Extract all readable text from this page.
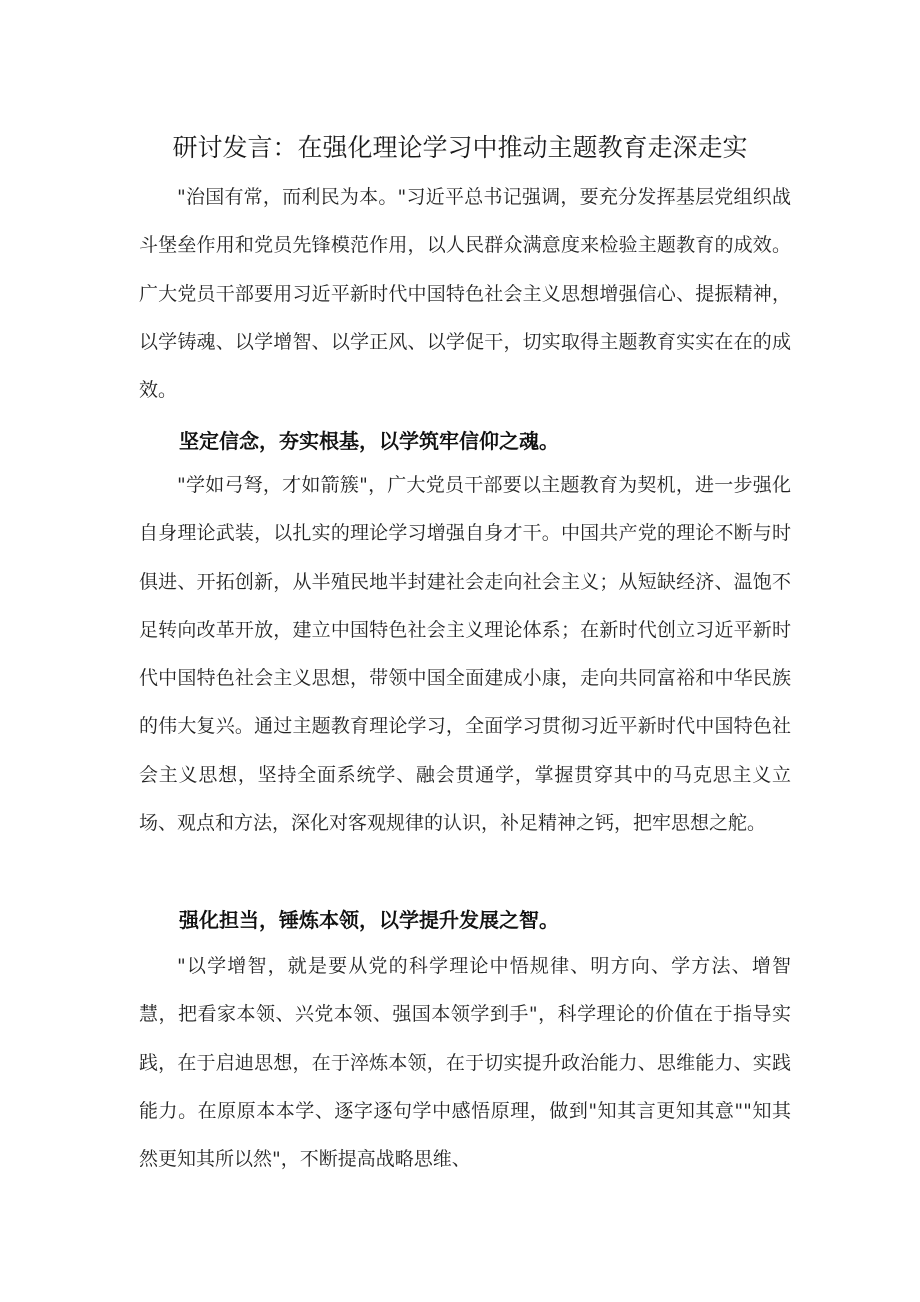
研讨发言：在强化理论学习中推动主题教育走深走实

"治国有常，而利民为本。"习近平总书记强调，要充分发挥基层党组织战斗堡垒作用和党员先锋模范作用，以人民群众满意度来检验主题教育的成效。广大党员干部要用习近平新时代中国特色社会主义思想增强信心、提振精神，以学铸魂、以学增智、以学正风、以学促干，切实取得主题教育实实在在的成效。

坚定信念，夯实根基，以学筑牢信仰之魂。

"学如弓弩，才如箭簇"，广大党员干部要以主题教育为契机，进一步强化自身理论武装，以扎实的理论学习增强自身才干。中国共产党的理论不断与时俱进、开拓创新，从半殖民地半封建社会走向社会主义；从短缺经济、温饱不足转向改革开放，建立中国特色社会主义理论体系；在新时代创立习近平新时代中国特色社会主义思想，带领中国全面建成小康，走向共同富裕和中华民族的伟大复兴。通过主题教育理论学习，全面学习贯彻习近平新时代中国特色社会主义思想，坚持全面系统学、融会贯通学，掌握贯穿其中的马克思主义立场、观点和方法，深化对客观规律的认识，补足精神之钙，把牢思想之舵。

强化担当，锤炼本领，以学提升发展之智。

"以学增智，就是要从党的科学理论中悟规律、明方向、学方法、增智慧，把看家本领、兴党本领、强国本领学到手"，科学理论的价值在于指导实践，在于启迪思想，在于淬炼本领，在于切实提升政治能力、思维能力、实践能力。在原原本本学、逐字逐句学中感悟原理，做到"知其言更知其意""知其然更知其所以然"，不断提高战略思维、
